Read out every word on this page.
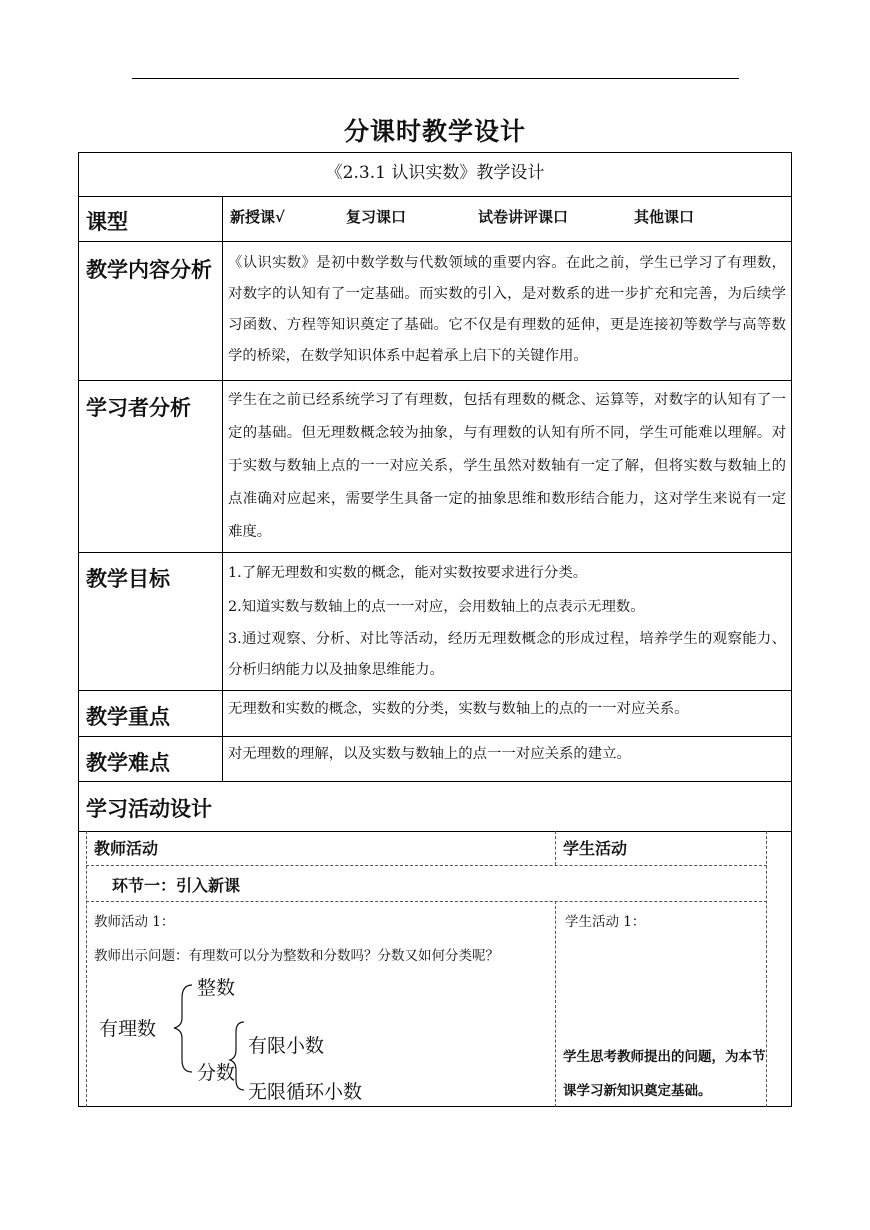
分课时教学设计
《2.3.1 认识实数》教学设计
课型	新授课√	复习课口	试卷讲评课口	其他课口
教学内容分析 《认识实数》是初中数学数与代数领域的重要内容。在此之前，学生已学习了有理数，对数字的认知有了一定基础。而实数的引入，是对数系的进一步扩充和完善，为后续学习函数、方程等知识奠定了基础。它不仅是有理数的延伸，更是连接初等数学与高等数学的桥梁，在数学知识体系中起着承上启下的关键作用。
学习者分析	学生在之前已经系统学习了有理数，包括有理数的概念、运算等，对数字的认知有了一定的基础。但无理数概念较为抽象，与有理数的认知有所不同，学生可能难以理解。对于实数与数轴上点的一一对应关系，学生虽然对数轴有一定了解，但将实数与数轴上的点准确对应起来，需要学生具备一定的抽象思维和数形结合能力，这对学生来说有一定难度。
教学目标	1.了解无理数和实数的概念，能对实数按要求进行分类。
2.知道实数与数轴上的点一一对应，会用数轴上的点表示无理数。
3.通过观察、分析、对比等活动，经历无理数概念的形成过程，培养学生的观察能力、分析归纳能力以及抽象思维能力。
教学重点	无理数和实数的概念，实数的分类，实数与数轴上的点的一一对应关系。
教学难点	对无理数的理解，以及实数与数轴上的点一一对应关系的建立。
学习活动设计
教师活动	学生活动
环节一：引入新课
教师活动 1：
教师出示问题：有理数可以分为整数和分数吗？分数又如何分类呢？
整数
有理数
分数
有限小数
无限循环小数
学生活动 1：
学生思考教师提出的问题，为本节课学习新知识奠定基础。
